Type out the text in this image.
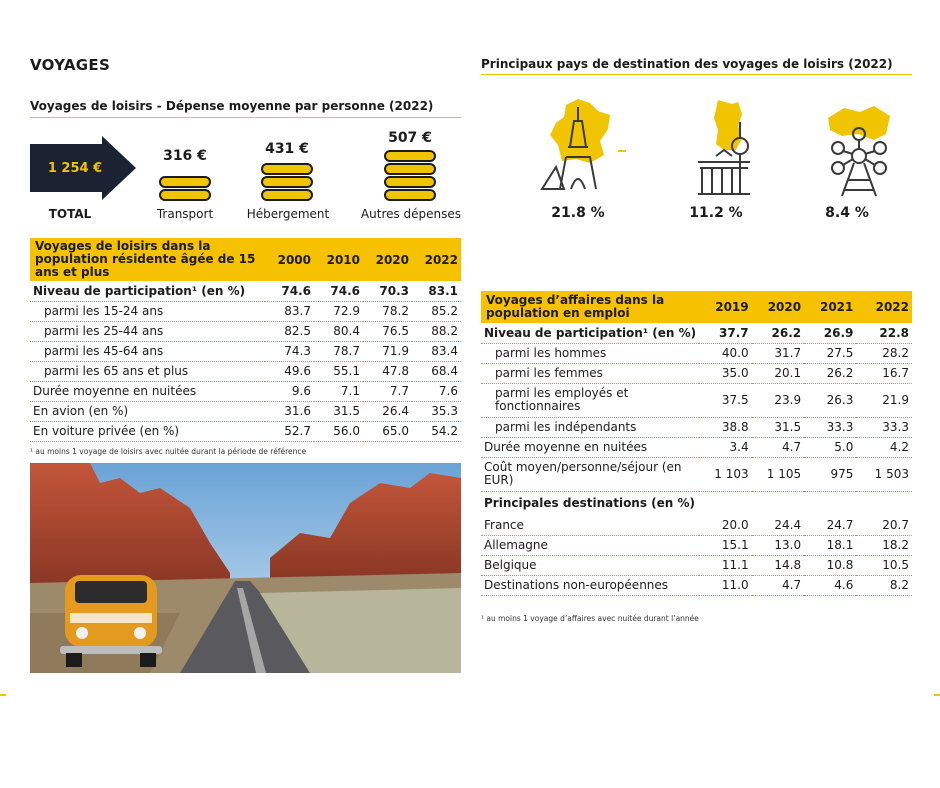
VOYAGES
Voyages de loisirs - Dépense moyenne par personne (2022)
1 254 €
TOTAL
316 €
Transport
431 €
Hébergement
507 €
Autres dépenses
Voyages de loisirs dans la population résidente âgée de 15 ans et plus	2000	2010	2020	2022
Niveau de participation¹ (en %)	74.6	74.6	70.3	83.1
parmi les 15-24 ans	83.7	72.9	78.2	85.2
parmi les 25-44 ans	82.5	80.4	76.5	88.2
parmi les 45-64 ans	74.3	78.7	71.9	83.4
parmi les 65 ans et plus	49.6	55.1	47.8	68.4
Durée moyenne en nuitées	9.6	7.1	7.7	7.6
En avion (en %)	31.6	31.5	26.4	35.3
En voiture privée (en %)	52.7	56.0	65.0	54.2
¹ au moins 1 voyage de loisirs avec nuitée durant la période de référence
Principaux pays de destination des voyages de loisirs (2022)
21.8 %	11.2 %	8.4 %
Voyages d’affaires dans la population en emploi	2019	2020	2021	2022
Niveau de participation¹ (en %)	37.7	26.2	26.9	22.8
parmi les hommes	40.0	31.7	27.5	28.2
parmi les femmes	35.0	20.1	26.2	16.7
parmi les employés et fonctionnaires	37.5	23.9	26.3	21.9
parmi les indépendants	38.8	31.5	33.3	33.3
Durée moyenne en nuitées	3.4	4.7	5.0	4.2
Coût moyen/personne/séjour (en EUR)	1 103	1 105	975	1 503
Principales destinations (en %)				
France	20.0	24.4	24.7	20.7
Allemagne	15.1	13.0	18.1	18.2
Belgique	11.1	14.8	10.8	10.5
Destinations non-européennes	11.0	4.7	4.6	8.2
¹ au moins 1 voyage d’affaires avec nuitée durant l’année
